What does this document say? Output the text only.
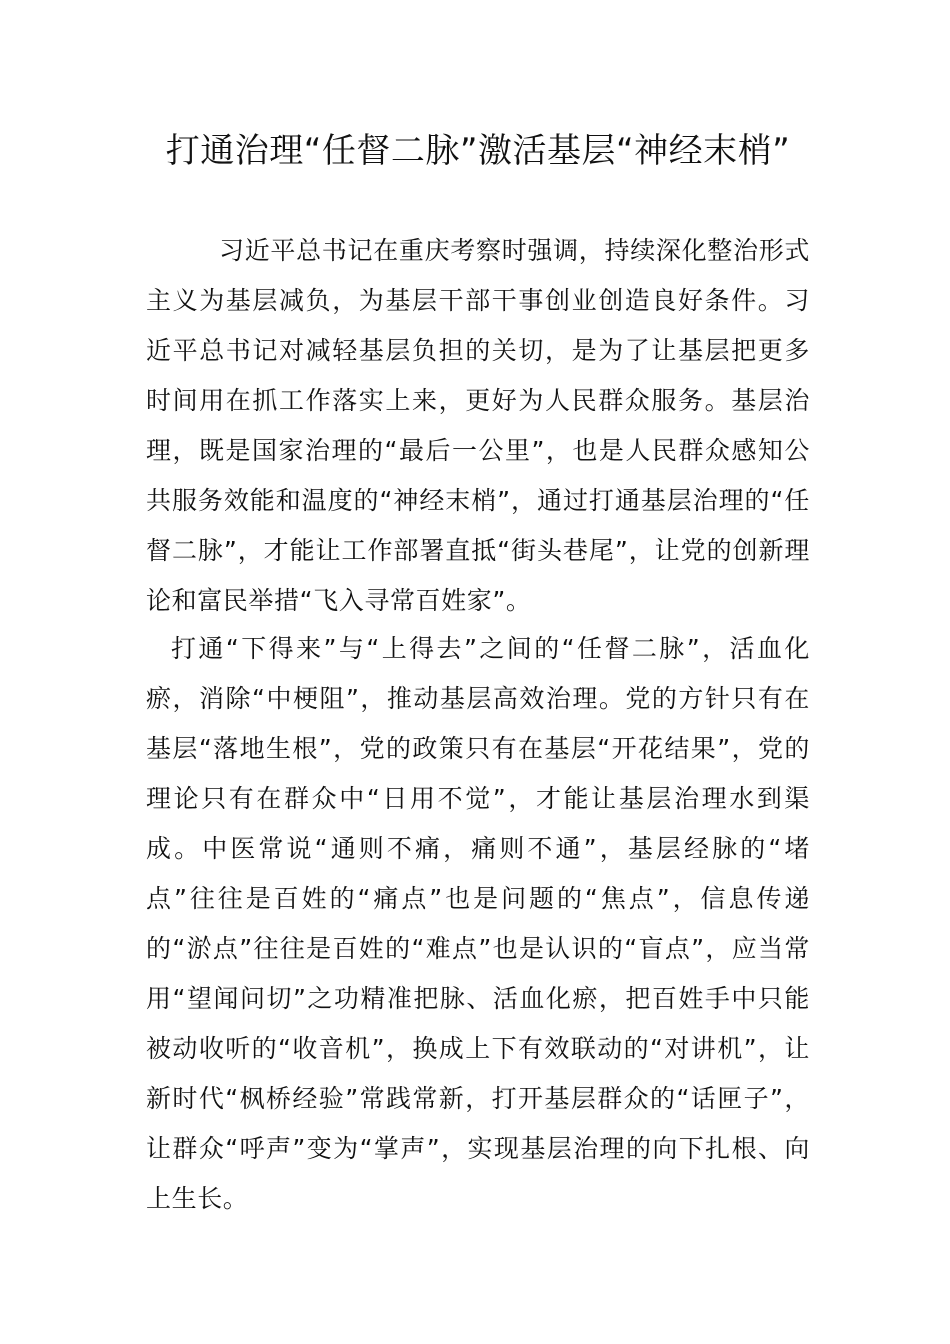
打通治理“任督二脉”激活基层“神经末梢”

习近平总书记在重庆考察时强调，持续深化整治形式主义为基层减负，为基层干部干事创业创造良好条件。习近平总书记对减轻基层负担的关切，是为了让基层把更多时间用在抓工作落实上来，更好为人民群众服务。基层治理，既是国家治理的“最后一公里”，也是人民群众感知公共服务效能和温度的“神经末梢”，通过打通基层治理的“任督二脉”，才能让工作部署直抵“街头巷尾”，让党的创新理论和富民举措“飞入寻常百姓家”。

打通“下得来”与“上得去”之间的“任督二脉”，活血化瘀，消除“中梗阻”，推动基层高效治理。党的方针只有在基层“落地生根”，党的政策只有在基层“开花结果”，党的理论只有在群众中“日用不觉”，才能让基层治理水到渠成。中医常说“通则不痛，痛则不通”，基层经脉的“堵点”往往是百姓的“痛点”也是问题的“焦点”，信息传递的“淤点”往往是百姓的“难点”也是认识的“盲点”，应当常用“望闻问切”之功精准把脉、活血化瘀，把百姓手中只能被动收听的“收音机”，换成上下有效联动的“对讲机”，让新时代“枫桥经验”常践常新，打开基层群众的“话匣子”，让群众“呼声”变为“掌声”，实现基层治理的向下扎根、向上生长。
